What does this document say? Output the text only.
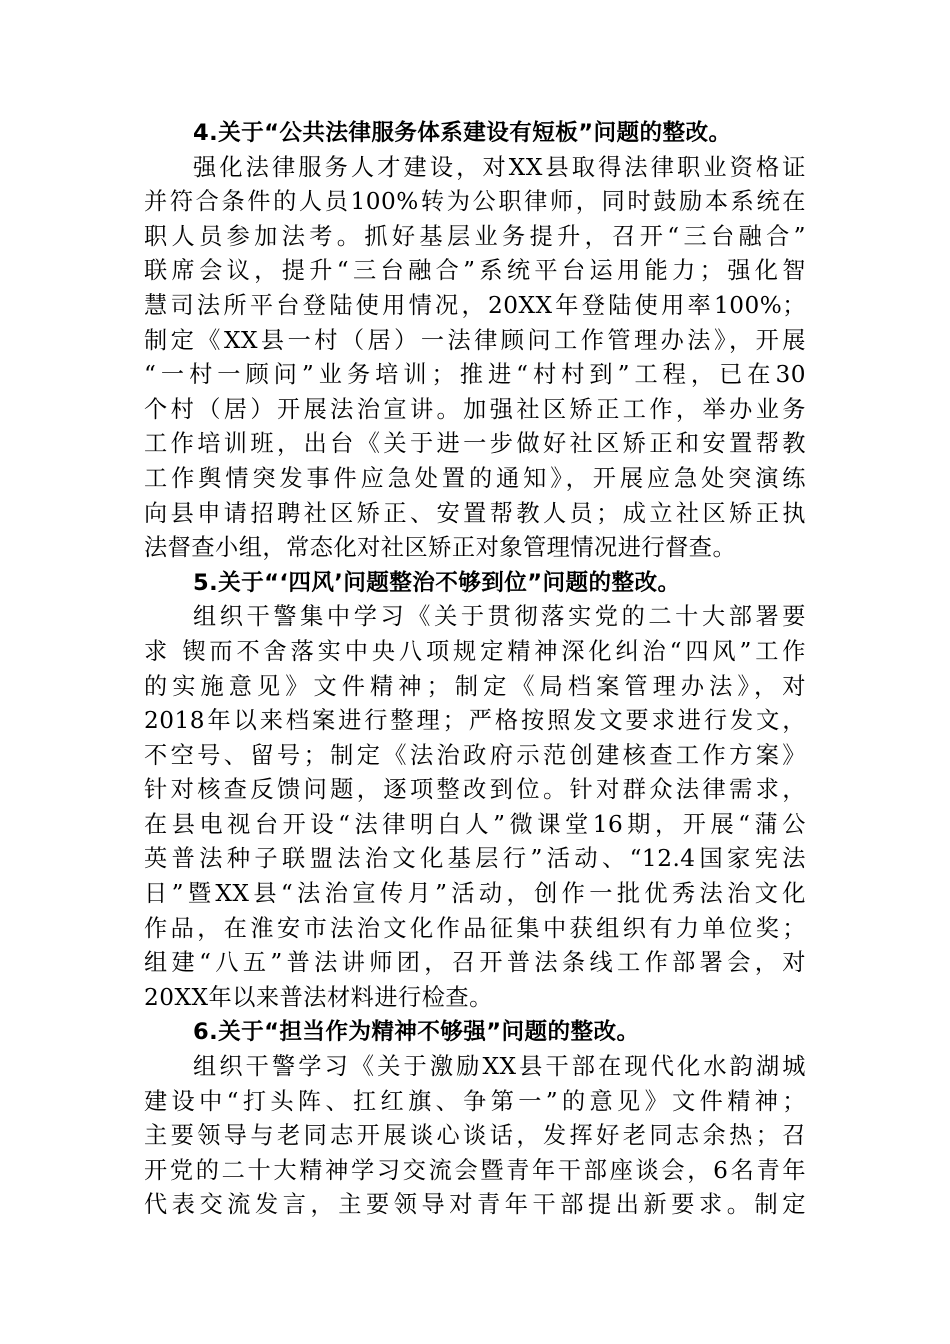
4.关于“公共法律服务体系建设有短板”问题的整改。
强化法律服务人才建设，对XX县取得法律职业资格证
并符合条件的人员100%转为公职律师，同时鼓励本系统在
职人员参加法考。抓好基层业务提升，召开“三台融合”
联席会议，提升“三台融合”系统平台运用能力；强化智
慧司法所平台登陆使用情况，20XX年登陆使用率100%；
制定《XX县一村（居）一法律顾问工作管理办法》，开展
“一村一顾问”业务培训；推进“村村到”工程，已在30
个村（居）开展法治宣讲。加强社区矫正工作，举办业务
工作培训班，出台《关于进一步做好社区矫正和安置帮教
工作舆情突发事件应急处置的通知》，开展应急处突演练
向县申请招聘社区矫正、安置帮教人员；成立社区矫正执
法督查小组，常态化对社区矫正对象管理情况进行督查。
5.关于“‘四风’问题整治不够到位”问题的整改。
组织干警集中学习《关于贯彻落实党的二十大部署要
求 锲而不舍落实中央八项规定精神深化纠治“四风”工作
的实施意见》文件精神；制定《局档案管理办法》，对
2018年以来档案进行整理；严格按照发文要求进行发文，
不空号、留号；制定《法治政府示范创建核查工作方案》
针对核查反馈问题，逐项整改到位。针对群众法律需求，
在县电视台开设“法律明白人”微课堂16期，开展“蒲公
英普法种子联盟法治文化基层行”活动、“12.4国家宪法
日”暨XX县“法治宣传月”活动，创作一批优秀法治文化
作品，在淮安市法治文化作品征集中获组织有力单位奖；
组建“八五”普法讲师团，召开普法条线工作部署会，对
20XX年以来普法材料进行检查。
6.关于“担当作为精神不够强”问题的整改。
组织干警学习《关于激励XX县干部在现代化水韵湖城
建设中“打头阵、扛红旗、争第一”的意见》文件精神；
主要领导与老同志开展谈心谈话，发挥好老同志余热；召
开党的二十大精神学习交流会暨青年干部座谈会，6名青年
代表交流发言，主要领导对青年干部提出新要求。制定
